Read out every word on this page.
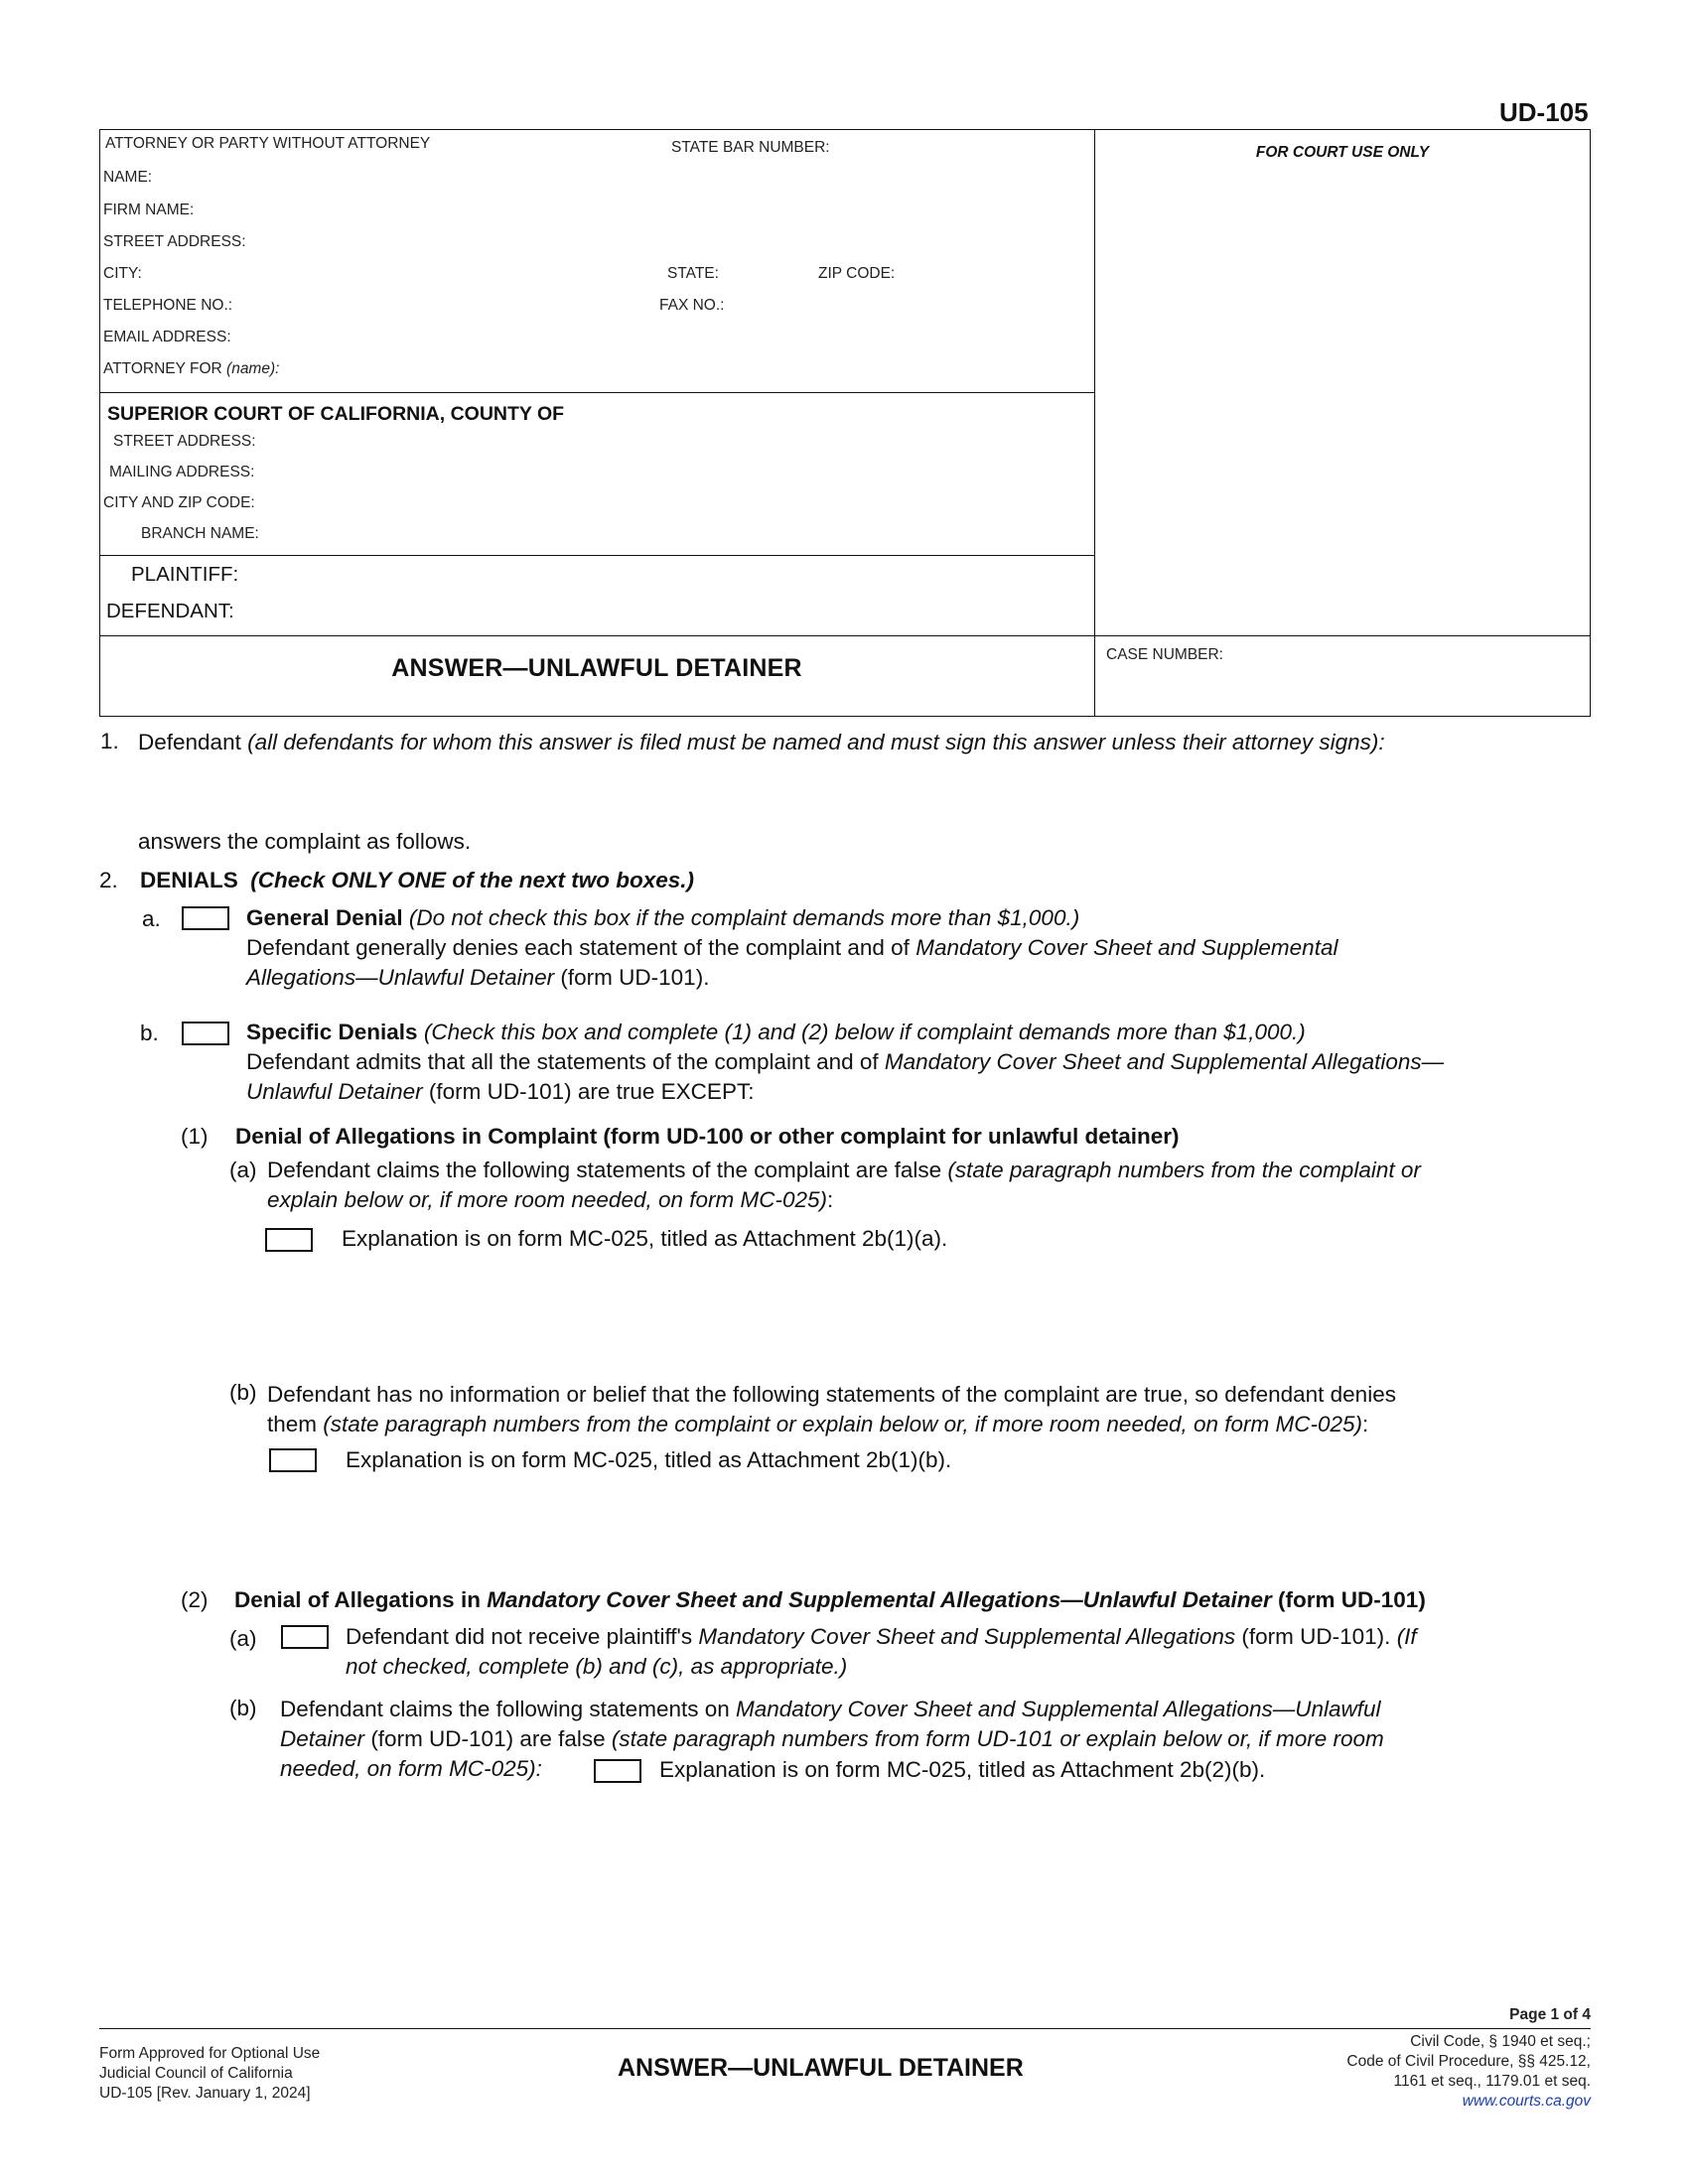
UD-105
ATTORNEY OR PARTY WITHOUT ATTORNEY	STATE BAR NUMBER:	FOR COURT USE ONLY
NAME:
FIRM NAME:
STREET ADDRESS:
CITY:	STATE:	ZIP CODE:
TELEPHONE NO.:	FAX NO.:
EMAIL ADDRESS:
ATTORNEY FOR (name):
SUPERIOR COURT OF CALIFORNIA, COUNTY OF
STREET ADDRESS:
MAILING ADDRESS:
CITY AND ZIP CODE:
BRANCH NAME:
PLAINTIFF:
DEFENDANT:
ANSWER—UNLAWFUL DETAINER	CASE NUMBER:
1. Defendant (all defendants for whom this answer is filed must be named and must sign this answer unless their attorney signs):
answers the complaint as follows.
2. DENIALS (Check ONLY ONE of the next two boxes.)
a.	General Denial (Do not check this box if the complaint demands more than $1,000.)
Defendant generally denies each statement of the complaint and of Mandatory Cover Sheet and Supplemental
Allegations—Unlawful Detainer (form UD-101).
b.	Specific Denials (Check this box and complete (1) and (2) below if complaint demands more than $1,000.)
Defendant admits that all the statements of the complaint and of Mandatory Cover Sheet and Supplemental Allegations—
Unlawful Detainer (form UD-101) are true EXCEPT:
(1) Denial of Allegations in Complaint (form UD-100 or other complaint for unlawful detainer)
(a) Defendant claims the following statements of the complaint are false (state paragraph numbers from the complaint or
explain below or, if more room needed, on form MC-025):
Explanation is on form MC-025, titled as Attachment 2b(1)(a).
(b) Defendant has no information or belief that the following statements of the complaint are true, so defendant denies
them (state paragraph numbers from the complaint or explain below or, if more room needed, on form MC-025):
Explanation is on form MC-025, titled as Attachment 2b(1)(b).
(2) Denial of Allegations in Mandatory Cover Sheet and Supplemental Allegations—Unlawful Detainer (form UD-101)
(a)	Defendant did not receive plaintiff's Mandatory Cover Sheet and Supplemental Allegations (form UD-101). (If
not checked, complete (b) and (c), as appropriate.)
(b) Defendant claims the following statements on Mandatory Cover Sheet and Supplemental Allegations—Unlawful
Detainer (form UD-101) are false (state paragraph numbers from form UD-101 or explain below or, if more room
needed, on form MC-025):	Explanation is on form MC-025, titled as Attachment 2b(2)(b).
Page 1 of 4
Form Approved for Optional Use
Judicial Council of California
UD-105 [Rev. January 1, 2024]
ANSWER—UNLAWFUL DETAINER
Civil Code, § 1940 et seq.;
Code of Civil Procedure, §§ 425.12,
1161 et seq., 1179.01 et seq.
www.courts.ca.gov
